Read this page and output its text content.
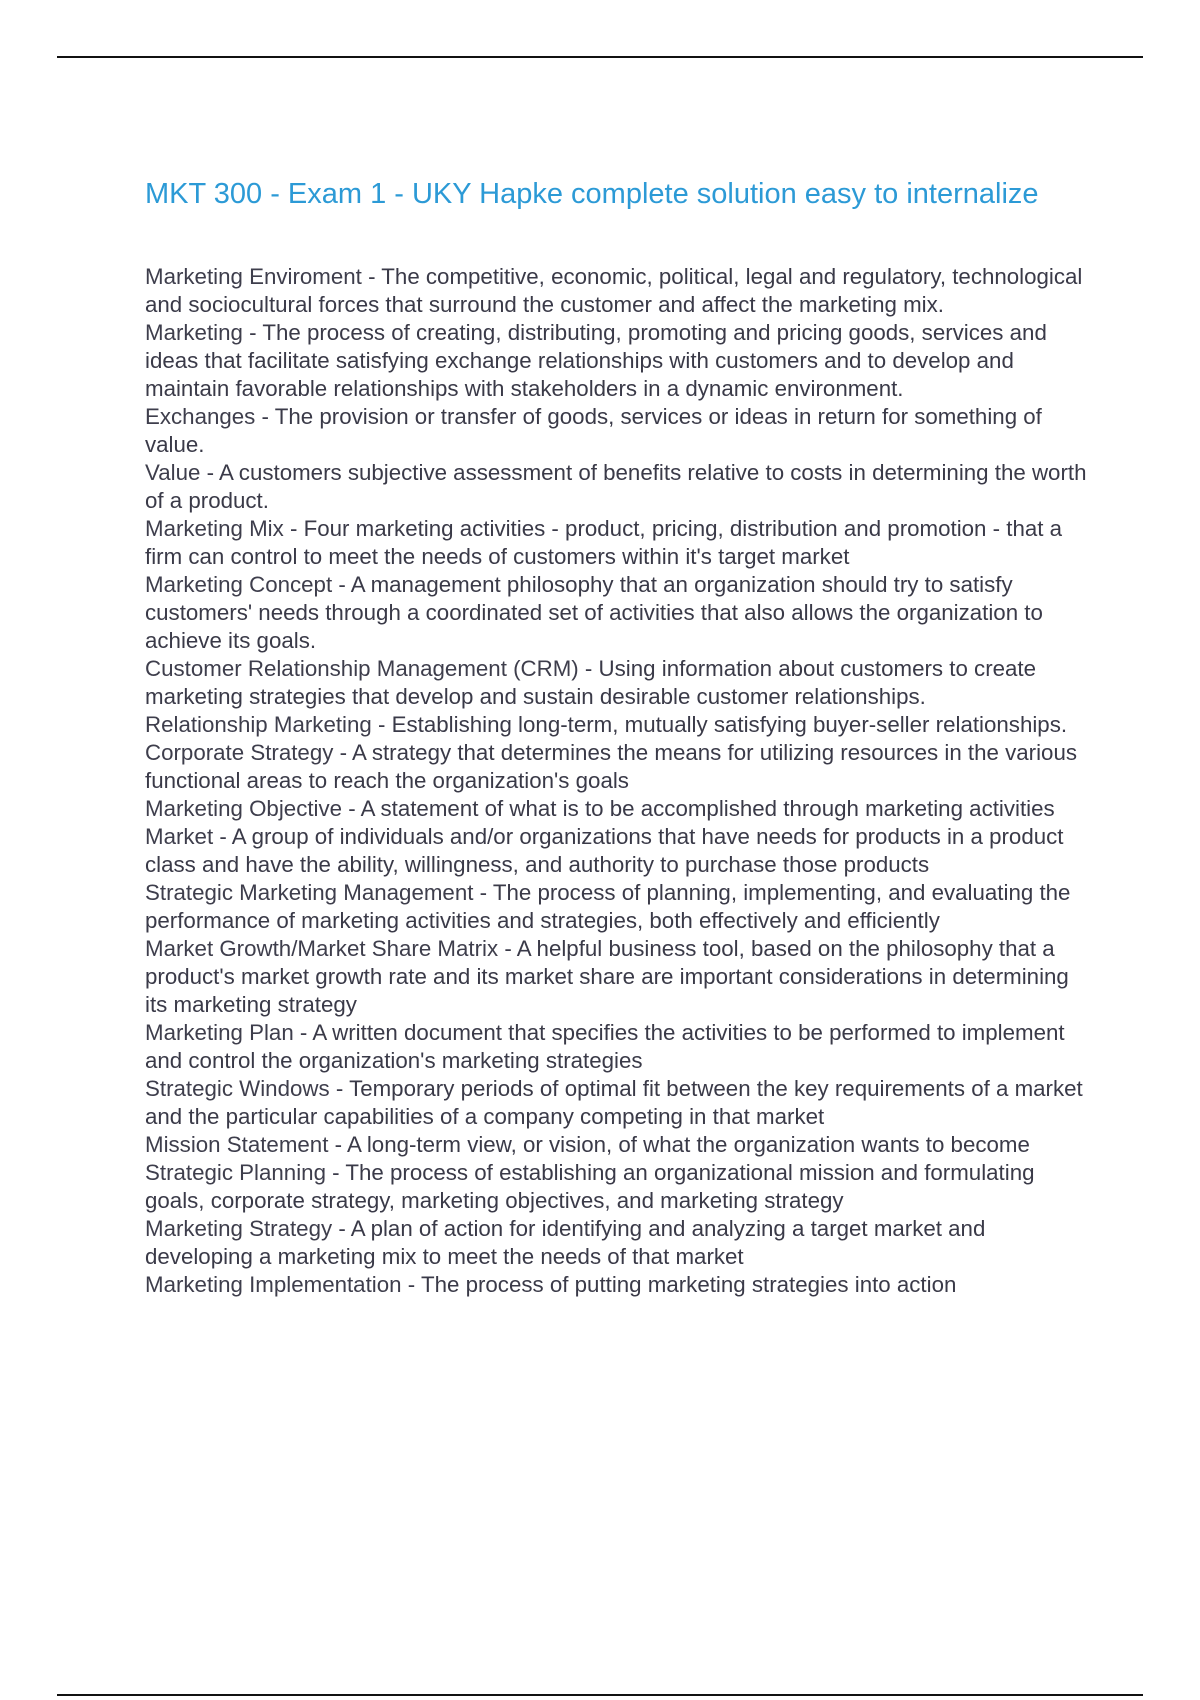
MKT 300 - Exam 1 - UKY Hapke complete solution easy to internalize

Marketing Enviroment - The competitive, economic, political, legal and regulatory, technological and sociocultural forces that surround the customer and affect the marketing mix.

Marketing - The process of creating, distributing, promoting and pricing goods, services and ideas that facilitate satisfying exchange relationships with customers and to develop and maintain favorable relationships with stakeholders in a dynamic environment.

Exchanges - The provision or transfer of goods, services or ideas in return for something of value.

Value - A customers subjective assessment of benefits relative to costs in determining the worth of a product.

Marketing Mix - Four marketing activities - product, pricing, distribution and promotion - that a firm can control to meet the needs of customers within it's target market

Marketing Concept - A management philosophy that an organization should try to satisfy customers' needs through a coordinated set of activities that also allows the organization to achieve its goals.

Customer Relationship Management (CRM) - Using information about customers to create marketing strategies that develop and sustain desirable customer relationships.

Relationship Marketing - Establishing long-term, mutually satisfying buyer-seller relationships.

Corporate Strategy - A strategy that determines the means for utilizing resources in the various functional areas to reach the organization's goals

Marketing Objective - A statement of what is to be accomplished through marketing activities

Market - A group of individuals and/or organizations that have needs for products in a product class and have the ability, willingness, and authority to purchase those products

Strategic Marketing Management - The process of planning, implementing, and evaluating the performance of marketing activities and strategies, both effectively and efficiently

Market Growth/Market Share Matrix - A helpful business tool, based on the philosophy that a product's market growth rate and its market share are important considerations in determining its marketing strategy

Marketing Plan - A written document that specifies the activities to be performed to implement and control the organization's marketing strategies

Strategic Windows - Temporary periods of optimal fit between the key requirements of a market and the particular capabilities of a company competing in that market

Mission Statement - A long-term view, or vision, of what the organization wants to become

Strategic Planning - The process of establishing an organizational mission and formulating goals, corporate strategy, marketing objectives, and marketing strategy

Marketing Strategy - A plan of action for identifying and analyzing a target market and developing a marketing mix to meet the needs of that market

Marketing Implementation - The process of putting marketing strategies into action
